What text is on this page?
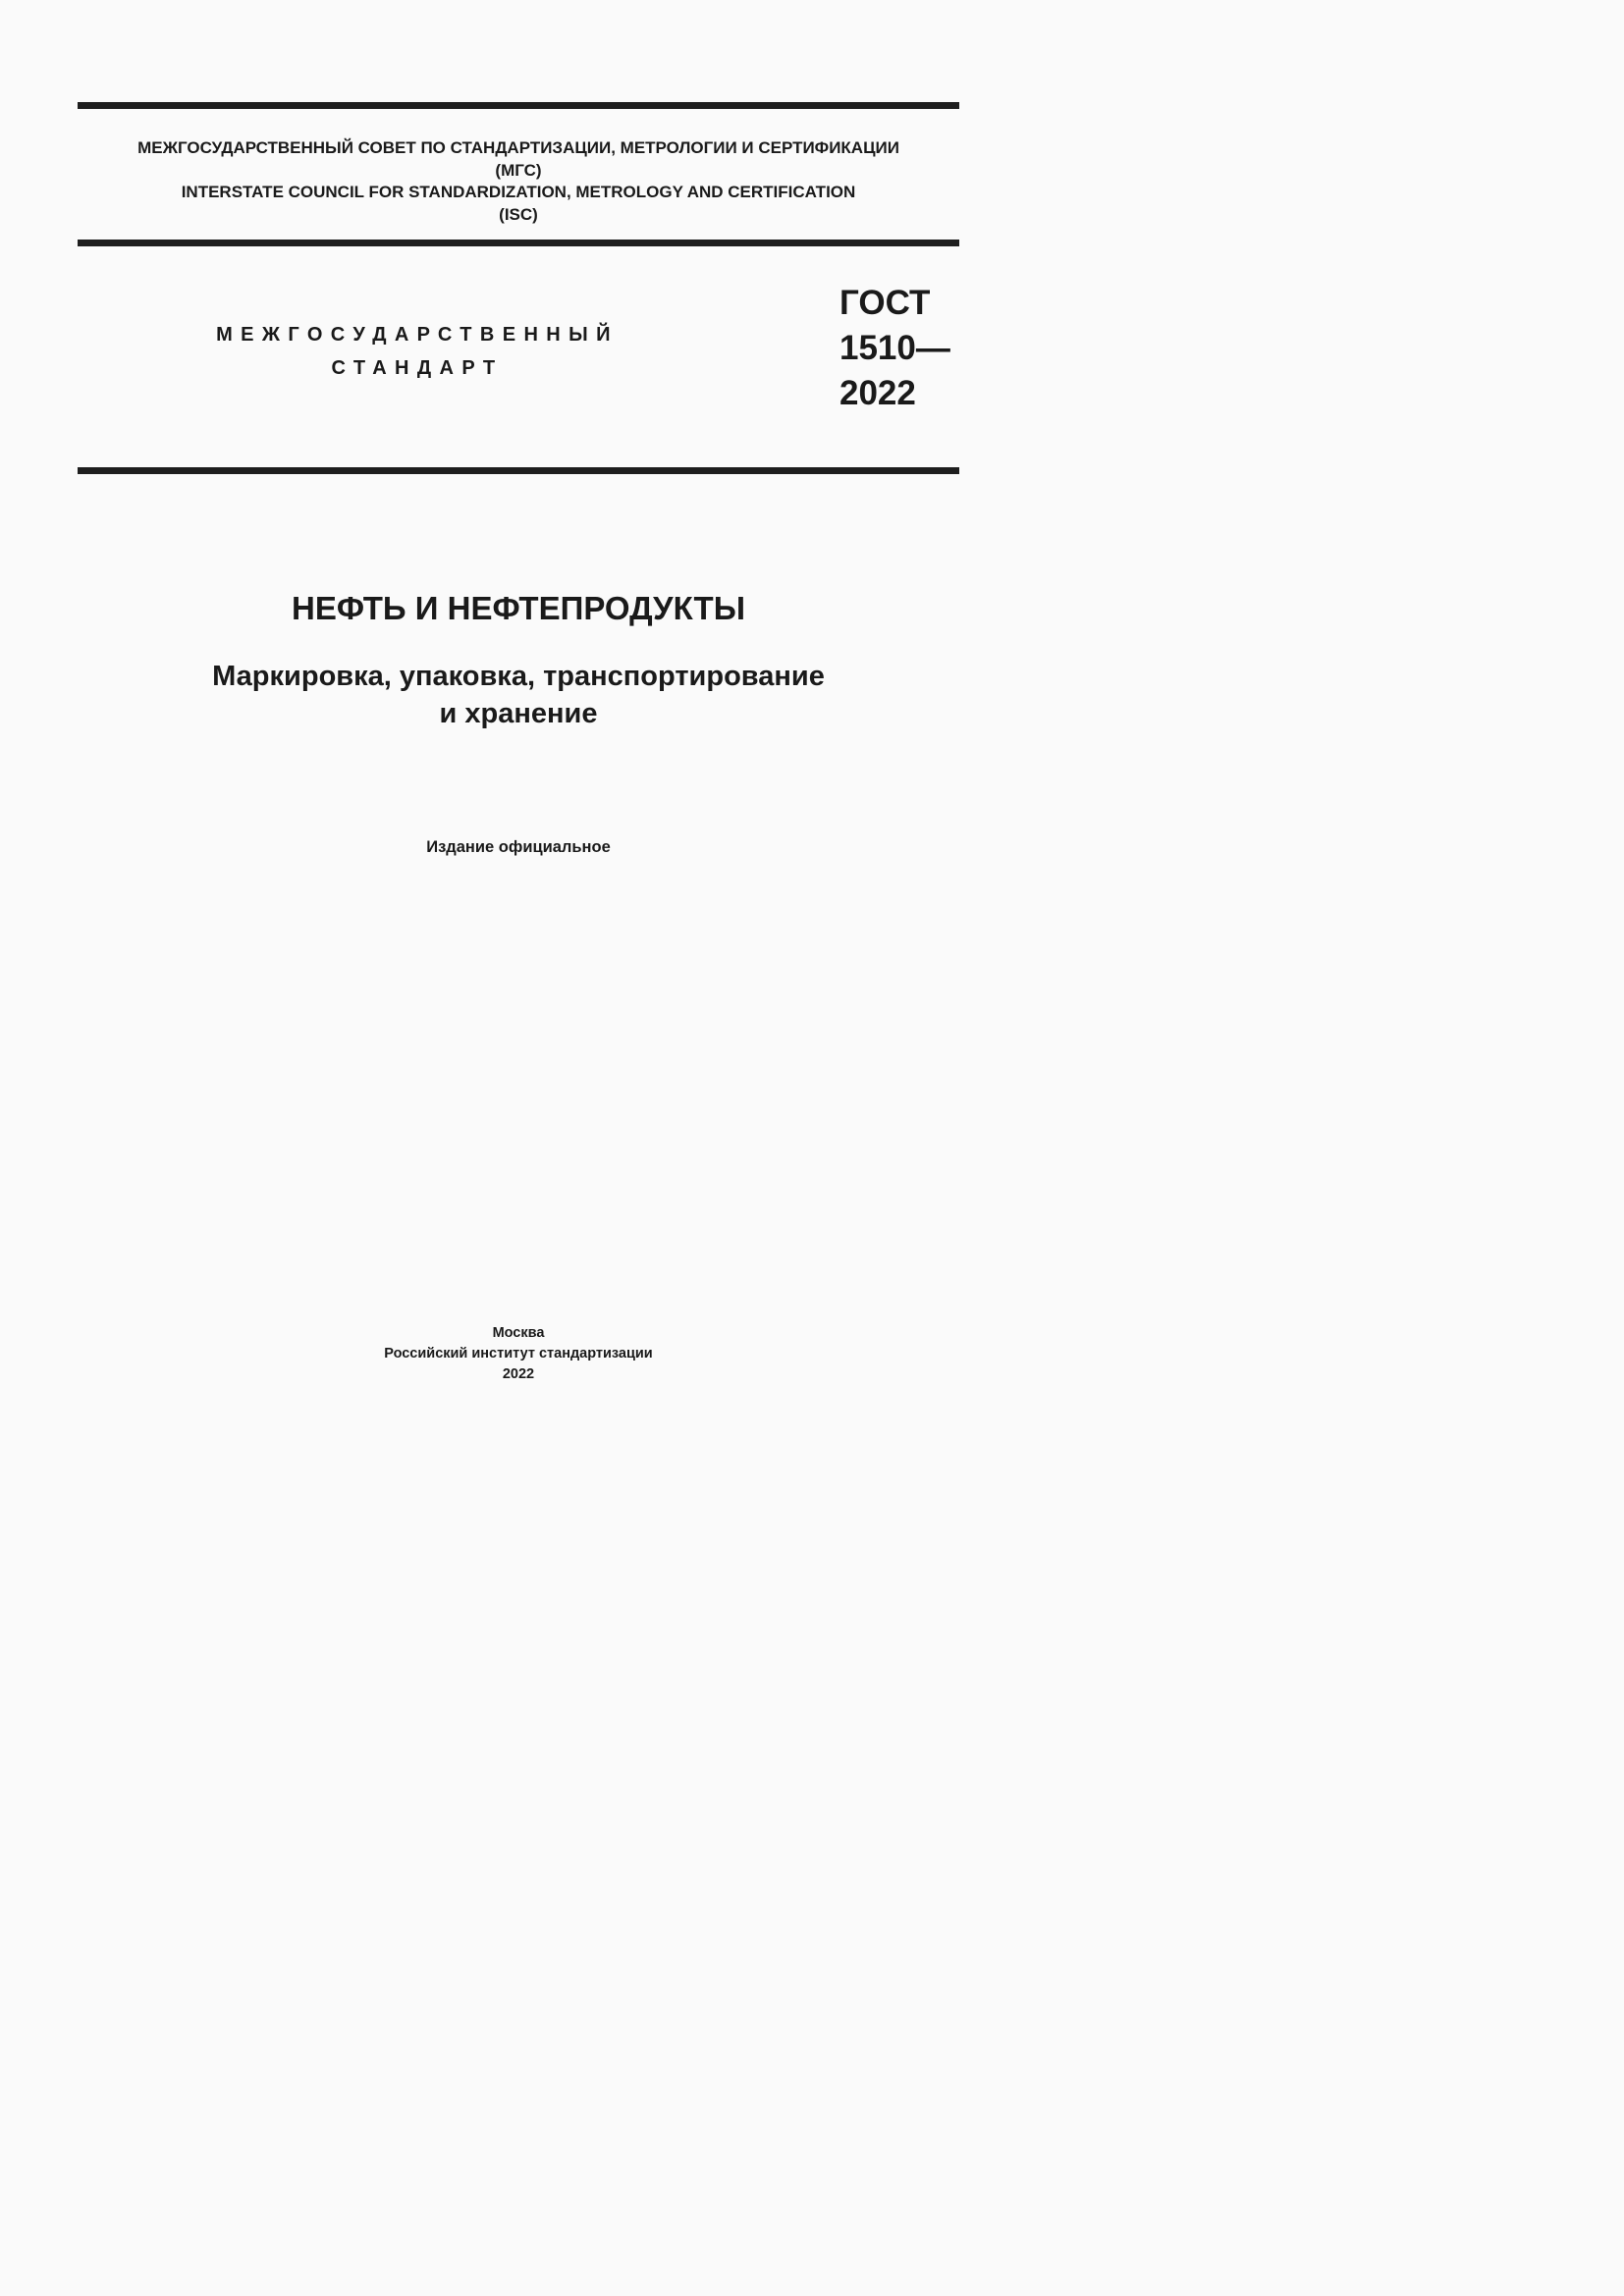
МЕЖГОСУДАРСТВЕННЫЙ СОВЕТ ПО СТАНДАРТИЗАЦИИ, МЕТРОЛОГИИ И СЕРТИФИКАЦИИ
(МГС)
INTERSTATE COUNCIL FOR STANDARDIZATION, METROLOGY AND CERTIFICATION
(ISC)
МЕЖГОСУДАРСТВЕННЫЙ
СТАНДАРТ
ГОСТ
1510—
2022
НЕФТЬ И НЕФТЕПРОДУКТЫ
Маркировка, упаковка, транспортирование
и хранение
Издание официальное
Москва
Российский институт стандартизации
2022
